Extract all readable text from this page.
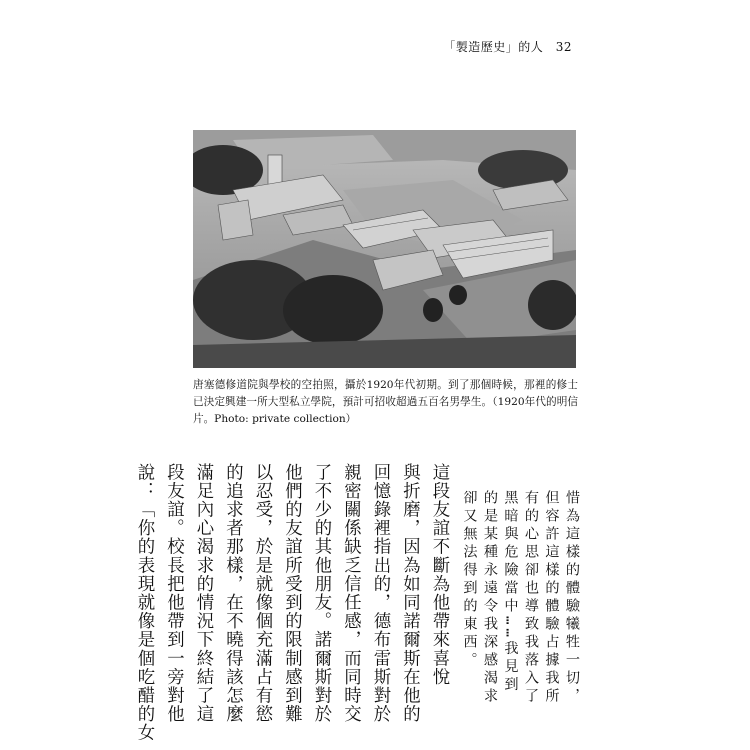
「製造歷史」的人　32
唐塞德修道院與學校的空拍照，攝於1920年代初期。到了那個時候，那裡的修士已決定興建一所大型私立學院，預計可招收超過五百名男學生。（1920年代的明信片。Photo: private collection）
惜為這樣的體驗犧牲一切，
但容許這樣的體驗占據我所
有的心思卻也導致我落入了
黑暗與危險當中……我見到
的是某種永遠令我深感渴求
卻又無法得到的東西。
這段友誼不斷為他帶來喜悅
與折磨，因為如同諾爾斯在他的
回憶錄裡指出的，德布雷斯對於
親密關係缺乏信任感，而同時交
了不少的其他朋友。諾爾斯對於
他們的友誼所受到的限制感到難
以忍受，於是就像個充滿占有慾
的追求者那樣，在不曉得該怎麼
滿足內心渴求的情況下終結了這
段友誼。校長把他帶到一旁對他
說：「你的表現就像是個吃醋的女
